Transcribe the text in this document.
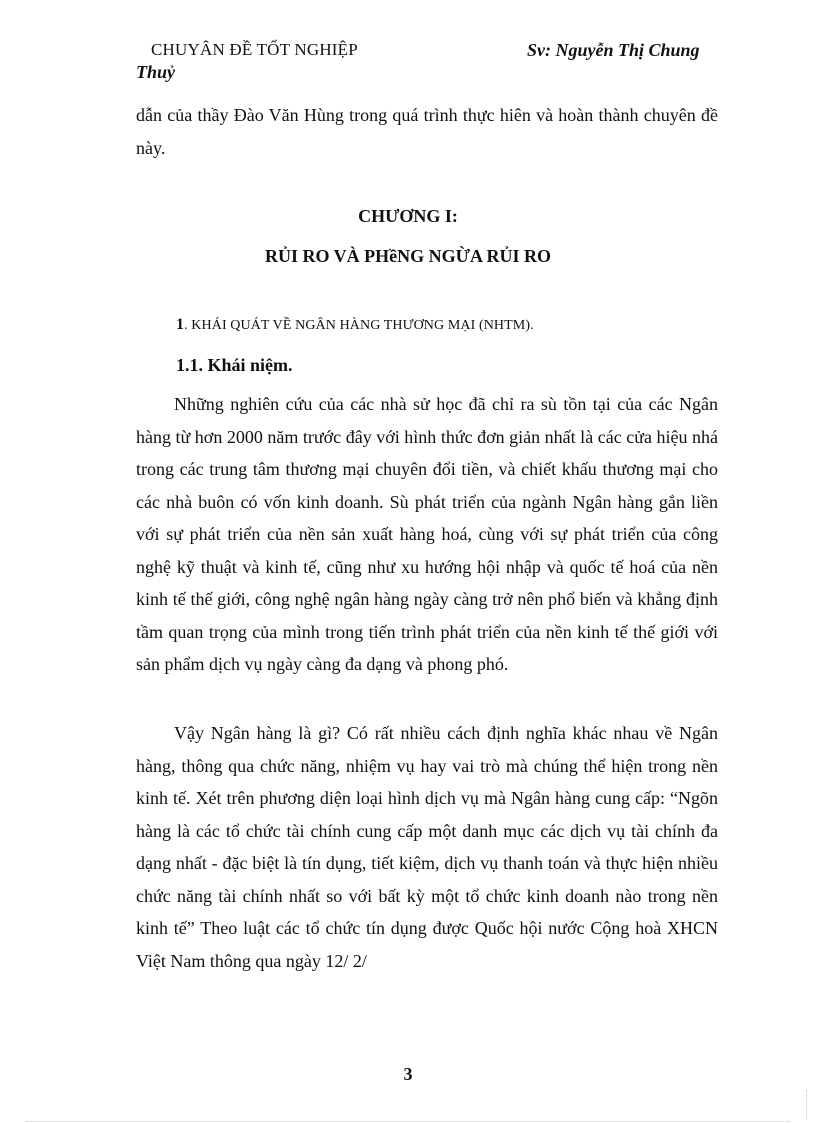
CHUYÂN ĐỀ TỐT NGHIỆP	Sv: Nguyễn Thị Chung
Thuỷ
dẫn của thầy Đào Văn Hùng trong quá trình thực hiên và hoàn thành chuyên đề này.
CHƯƠNG I:
RỦI RO VÀ PHềNG NGỪA RỦI RO
1. KHÁI QUÁT VỀ NGÂN HÀNG THƯƠNG MẠI (NHTM).
1.1. Khái niệm.
Những nghiên cứu của các nhà sử học đã chỉ ra sù tồn tại của các Ngân hàng từ hơn 2000 năm trước đây với hình thức đơn giản nhất là các cửa hiệu nhá trong các trung tâm thương mại chuyên đổi tiền, và chiết khấu thương mại cho các nhà buôn có vốn kinh doanh. Sù phát triển của ngành Ngân hàng gắn liền với sự phát triển của nền sản xuất hàng hoá, cùng với sự phát triển của công nghệ kỹ thuật và kinh tế, cũng như xu hướng hội nhập và quốc tế hoá của nền kinh tế thế giới, công nghệ ngân hàng ngày càng trở nên phổ biến và khẳng định tầm quan trọng của mình trong tiến trình phát triển của nền kinh tế thế giới với sản phẩm dịch vụ ngày càng đa dạng và phong phó.
Vậy Ngân hàng là gì? Có rất nhiều cách định nghĩa khác nhau về Ngân hàng, thông qua chức năng, nhiệm vụ hay vai trò mà chúng thể hiện trong nền kinh tế. Xét trên phương diện loại hình dịch vụ mà Ngân hàng cung cấp: “Ngõn hàng là các tổ chức tài chính cung cấp một danh mục các dịch vụ tài chính đa dạng nhất - đặc biệt là tín dụng, tiết kiệm, dịch vụ thanh toán và thực hiện nhiều chức năng tài chính nhất so với bất kỳ một tổ chức kinh doanh nào trong nền kinh tế” Theo luật các tổ chức tín dụng được Quốc hội nước Cộng hoà XHCN Việt Nam thông qua ngày 12/ 2/
3
